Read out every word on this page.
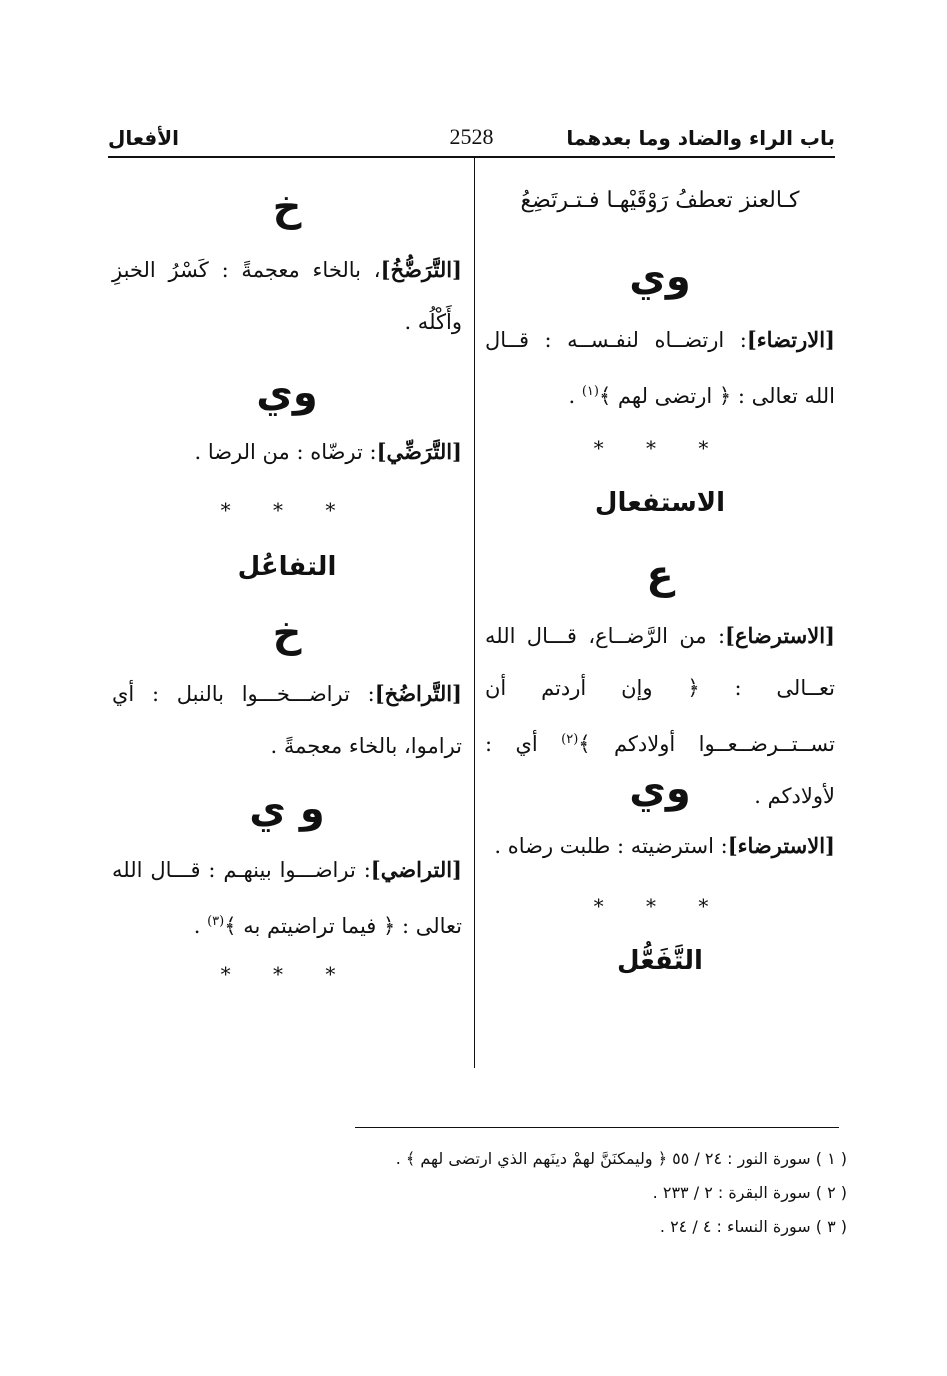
باب الراء والضاد وما بعدهما
2528
الأفعال
كـالعنز تعطفُ رَوْقَيْهـا فـتـرتَضِعُ
وي
[الارتضاء]: ارتضــاه لنفـســه : قــال الله تعالى : ﴿ ارتضى لهم ﴾$^{(١)}$ .
* * *
الاستفعال
ع
[الاسترضاع]: من الرَّضــاع، قـــال الله تعــالى : ﴿ وإن أردتم أن تســتــرضــعــوا أولادكم ﴾$^{(٢)}$ أي : لأولادكم .
وي
[الاسترضاء]: استرضيته : طلبت رضاه .
* * *
التَّفَعُّل
خ
[التَّرَضُّخُ]، بالخاء معجمةً : كَسْرُ الخبزِ وأَكْلُه .
وي
[التَّرَضِّي]: ترضّاه : من الرضا .
* * *
التفاعُل
خ
[التَّراضُخ]: تراضـــخـــوا بالنبل : أي تراموا، بالخاء معجمةً .
و ي
[التراضي]: تراضـــوا بينهـم : قـــال الله تعالى : ﴿ فيما تراضيتم به ﴾$^{(٣)}$ .
* * *
( ١ ) سورة النور : ٢٤ / ٥٥ ﴿ وليمكنَنَّ لهمْ دينَهم الذي ارتضى لهم ﴾ .
( ٢ ) سورة البقرة : ٢ / ٢٣٣ .
( ٣ ) سورة النساء : ٤ / ٢٤ .
